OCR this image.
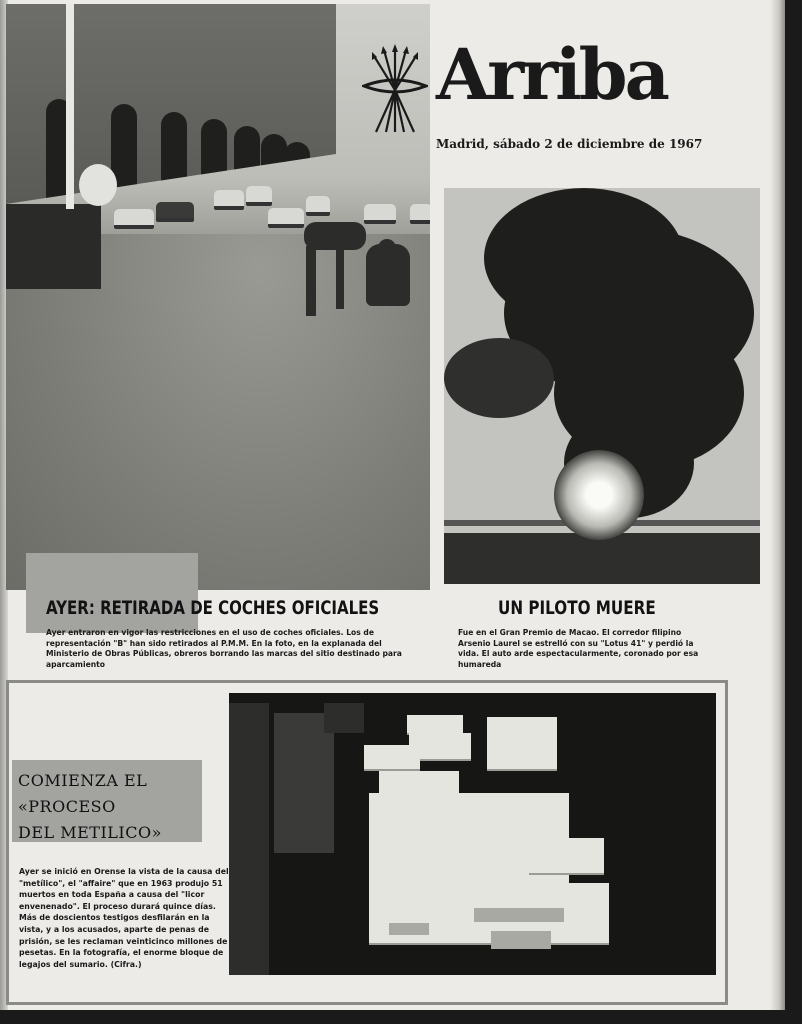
Arriba
Madrid, sábado 2 de diciembre de 1967
AYER: RETIRADA DE COCHES OFICIALES
Ayer entraron en vigor las restricciones en el uso de coches oficiales. Los de representación "B" han sido retirados al P.M.M. En la foto, en la explanada del Ministerio de Obras Públicas, obreros borrando las marcas del sitio destinado para aparcamiento
UN PILOTO MUERE
Fue en el Gran Premio de Macao. El corredor filipino Arsenio Laurel se estrelló con su "Lotus 41" y perdió la vida. El auto arde espectacularmente, coronado por esa humareda
COMIENZA EL «PROCESO
DEL METILICO»
Ayer se inició en Orense la vista de la causa del "metílico", el "affaire" que en 1963 produjo 51 muertos en toda España a causa del "licor envenenado". El proceso durará quince días. Más de doscientos testigos desfilarán en la vista, y a los acusados, aparte de penas de prisión, se les reclaman veinticinco millones de pesetas. En la fotografía, el enorme bloque de legajos del sumario. (Cifra.)
